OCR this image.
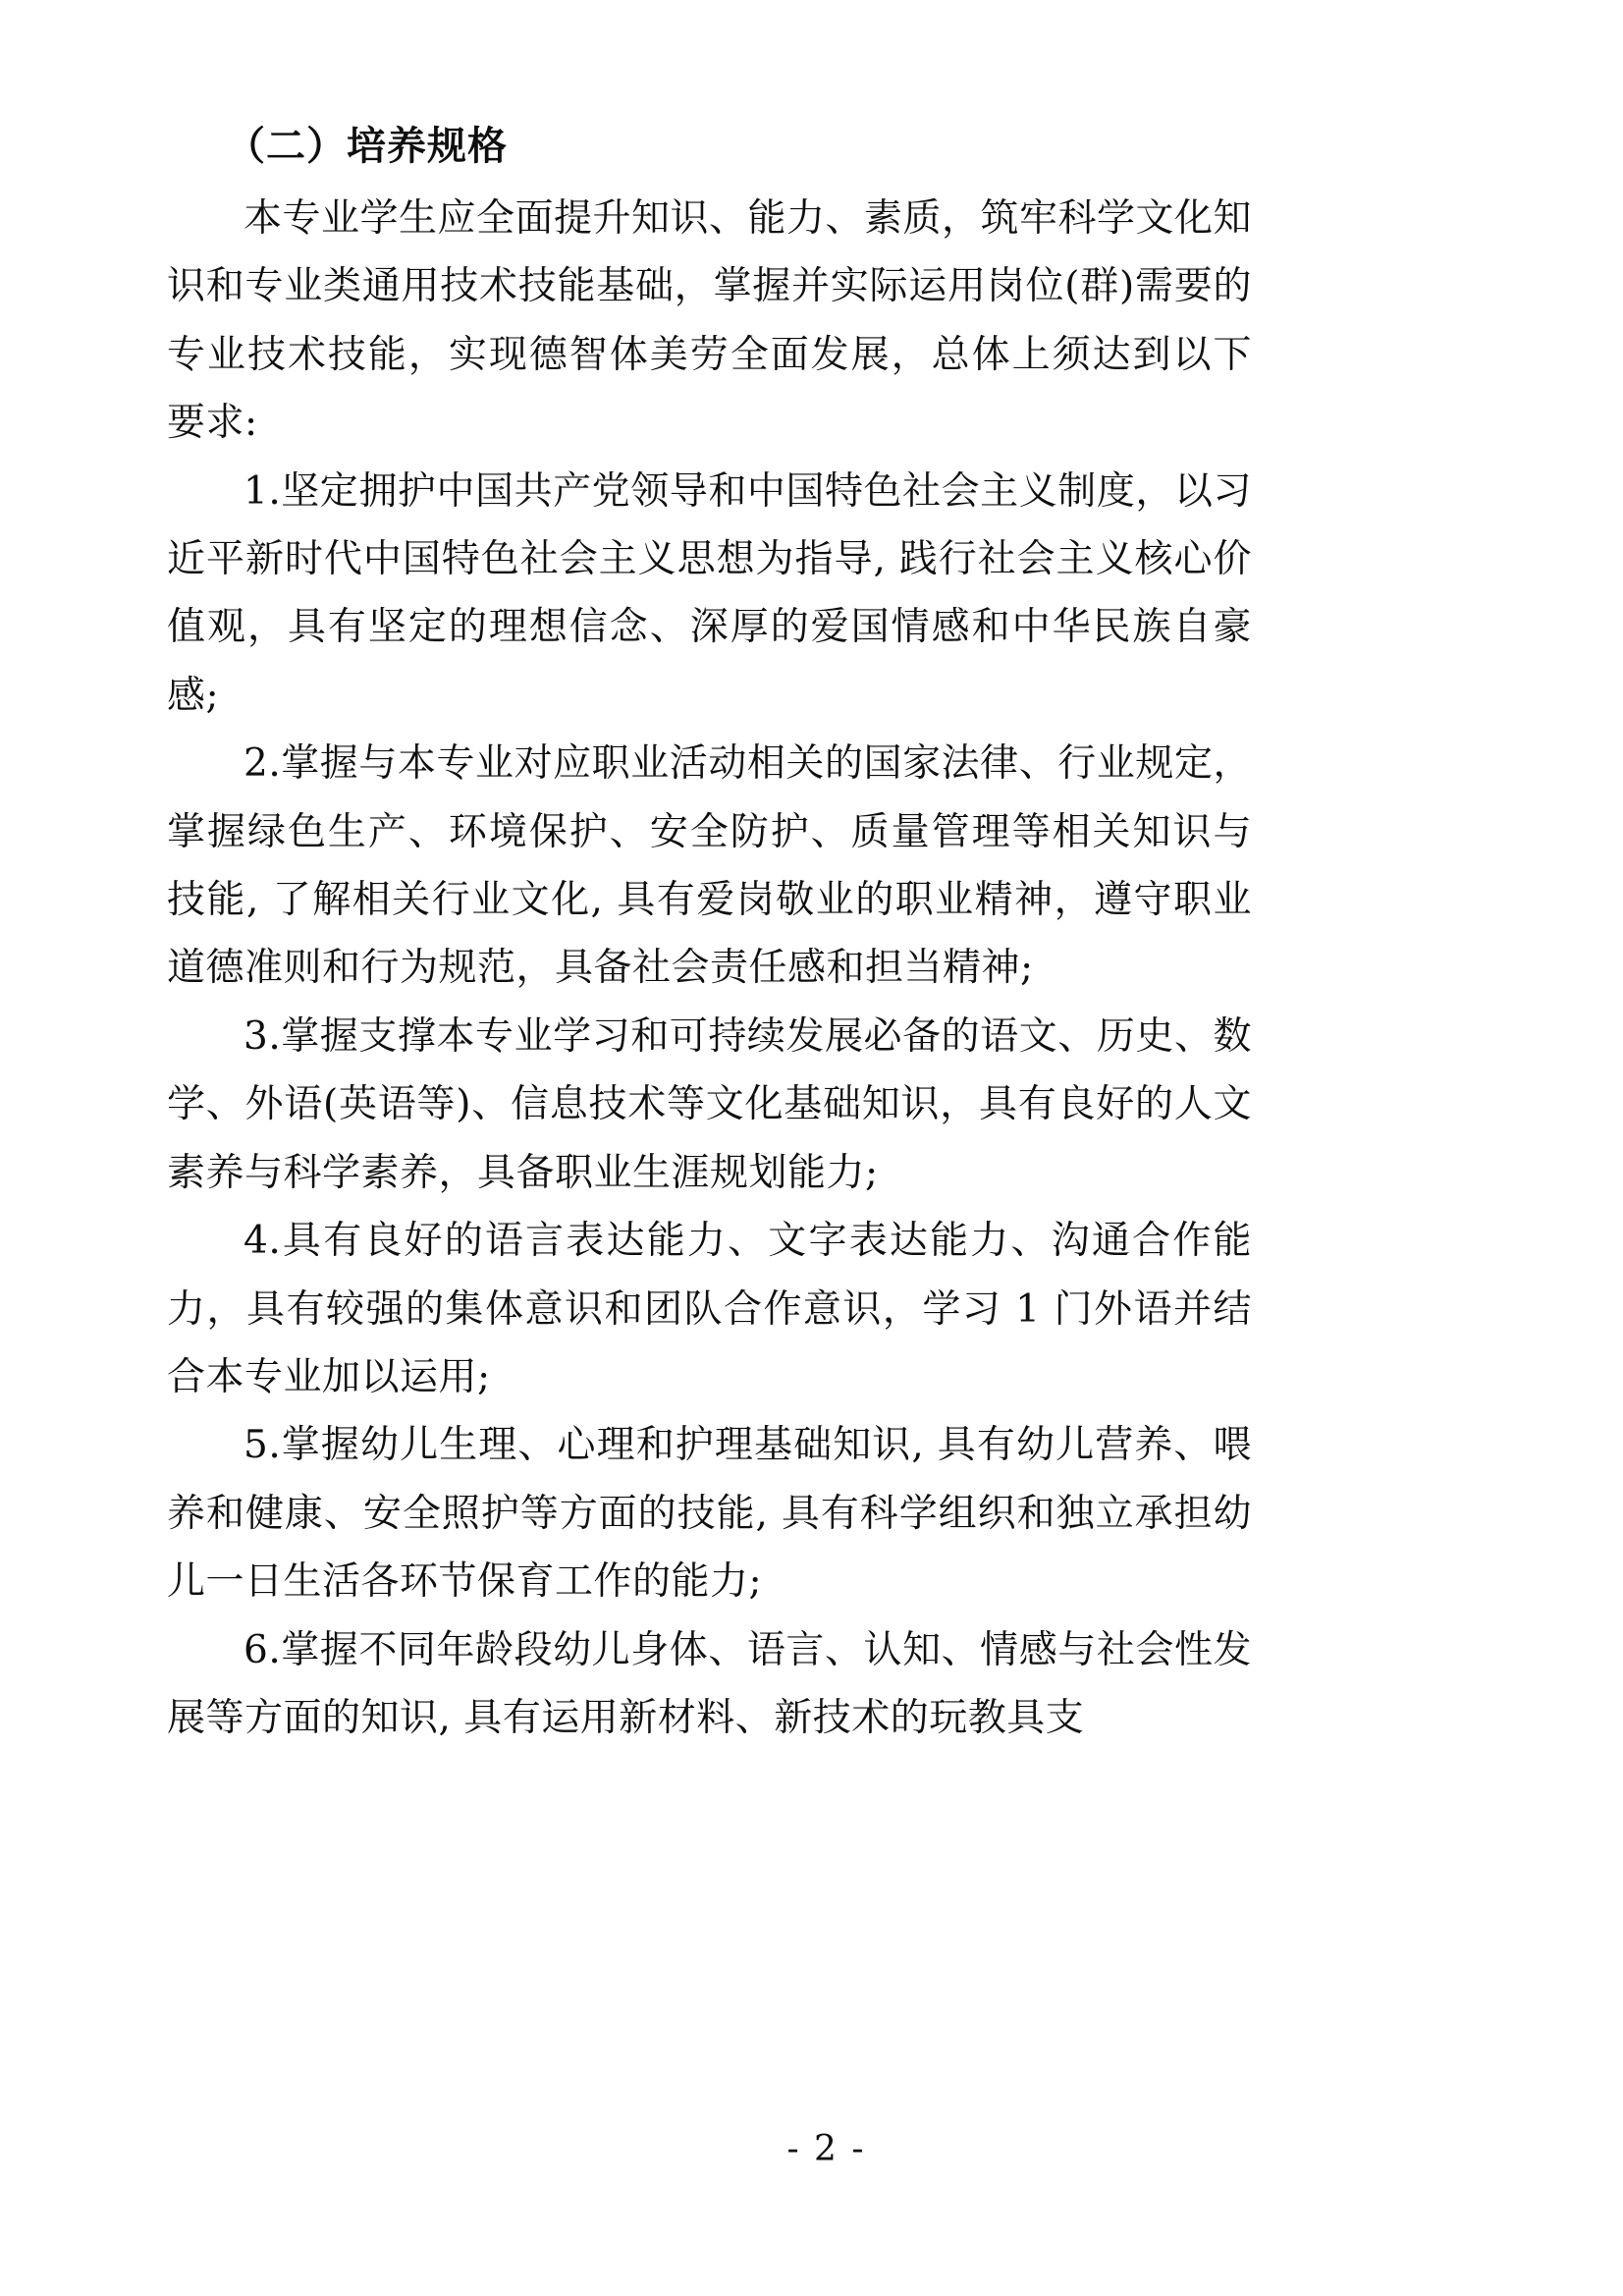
（二）培养规格

本专业学生应全面提升知识、能力、素质，筑牢科学文化知识和专业类通用技术技能基础，掌握并实际运用岗位(群)需要的专业技术技能，实现德智体美劳全面发展，总体上须达到以下要求:

1.坚定拥护中国共产党领导和中国特色社会主义制度，以习近平新时代中国特色社会主义思想为指导, 践行社会主义核心价值观，具有坚定的理想信念、深厚的爱国情感和中华民族自豪感;

2.掌握与本专业对应职业活动相关的国家法律、行业规定，掌握绿色生产、环境保护、安全防护、质量管理等相关知识与技能, 了解相关行业文化, 具有爱岗敬业的职业精神，遵守职业道德准则和行为规范，具备社会责任感和担当精神;

3.掌握支撑本专业学习和可持续发展必备的语文、历史、数学、外语(英语等)、信息技术等文化基础知识，具有良好的人文素养与科学素养，具备职业生涯规划能力;

4.具有良好的语言表达能力、文字表达能力、沟通合作能力，具有较强的集体意识和团队合作意识，学习 1 门外语并结合本专业加以运用;

5.掌握幼儿生理、心理和护理基础知识, 具有幼儿营养、喂养和健康、安全照护等方面的技能, 具有科学组织和独立承担幼儿一日生活各环节保育工作的能力;

6.掌握不同年龄段幼儿身体、语言、认知、情感与社会性发展等方面的知识, 具有运用新材料、新技术的玩教具支

- 2 -
